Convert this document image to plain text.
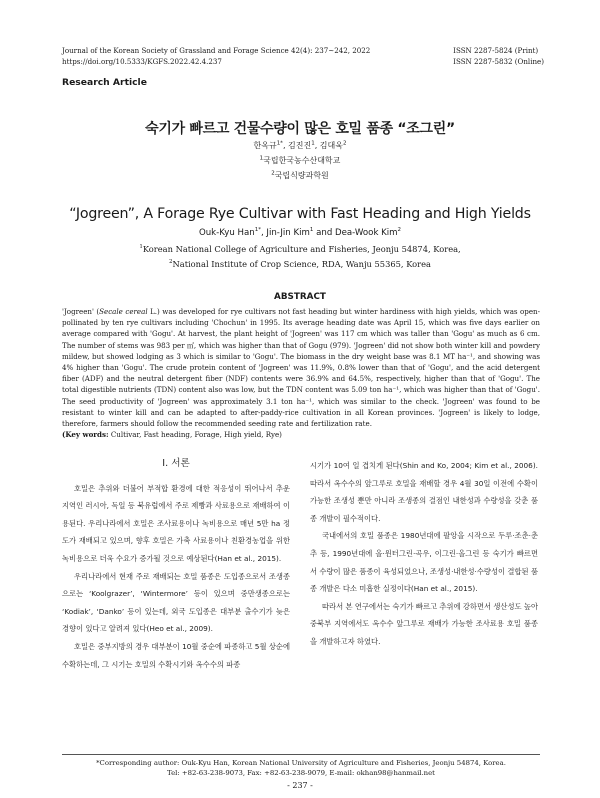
Journal of the Korean Society of Grassland and Forage Science 42(4): 237~242, 2022
https://doi.org/10.5333/KGFS.2022.42.4.237
ISSN 2287-5824 (Print)
ISSN 2287-5832 (Online)
Research Article
숙기가 빠르고 건물수량이 많은 호밀 품종 “조그린”
한옥규$^{1*}$, 김진진$^1$, 김대욱$^2$
$^1$국립한국농수산대학교
$^2$국립식량과학원
“Jogreen”, A Forage Rye Cultivar with Fast Heading and High Yields
Ouk-Kyu Han$^{1*}$, Jin-Jin Kim$^1$ and Dea-Wook Kim$^2$
$^1$Korean National College of Agriculture and Fisheries, Jeonju 54874, Korea,
$^2$National Institute of Crop Science, RDA, Wanju 55365, Korea
ABSTRACT
'Jogreen' (Secale cereal L.) was developed for rye cultivars not fast heading but winter hardiness with high yields, which was open-pollinated by ten rye cultivars including 'Chochun' in 1995. Its average heading date was April 15, which was five days earlier on average compared with 'Gogu'. At harvest, the plant height of 'Jogreen' was 117 cm which was taller than 'Gogu' as much as 6 cm. The number of stems was 983 per ㎡, which was higher than that of Gogu (979). 'Jogreen' did not show both winter kill and powdery mildew, but showed lodging as 3 which is similar to 'Gogu'. The biomass in the dry weight base was 8.1 MT ha⁻¹, and showing was 4% higher than 'Gogu'. The crude protein content of 'Jogreen' was 11.9%, 0.8% lower than that of 'Gogu', and the acid detergent fiber (ADF) and the neutral detergent fiber (NDF) contents were 36.9% and 64.5%, respectively, higher than that of 'Gogu'. The total digestible nutrients (TDN) content also was low, but the TDN content was 5.09 ton ha⁻¹, which was higher than that of 'Gogu'. The seed productivity of 'Jogreen' was approximately 3.1 ton ha⁻¹, which was similar to the check. 'Jogreen' was found to be resistant to winter kill and can be adapted to after-paddy-rice cultivation in all Korean provinces. 'Jogreen' is likely to lodge, therefore, farmers should follow the recommended seeding rate and fertilization rate.
(Key words: Cultivar, Fast heading, Forage, High yield, Rye)
Ⅰ. 서론

호밀은 추위와 더불어 부적합 환경에 대한 적응성이 뛰어나서 추운 지역인 러시아, 독일 등 북유럽에서 주로 제빵과 사료용으로 재배하여 이용된다. 우리나라에서 호밀은 조사료용이나 녹비용으로 매년 5만 ha 정도가 재배되고 있으며, 향후 호밀은 가축 사료용이나 친환경농업을 위한 녹비용으로 더욱 수요가 증가될 것으로 예상된다(Han et al., 2015).

우리나라에서 현재 주로 재배되는 호밀 품종은 도입종으로서 조생종으로는 ‘Koolgrazer’, ‘Wintermore’ 등이 있으며 중만생종으로는 ‘Kodiak’, ‘Danko’ 등이 있는데, 외국 도입종은 대부분 출수기가 늦은 경향이 있다고 알려져 있다(Heo et al., 2009).

호밀은 중부지방의 경우 대부분이 10월 중순에 파종하고 5월 상순에 수확하는데, 그 시기는 호밀의 수확시기와 옥수수의 파종

시기가 10여 일 겹치게 된다(Shin and Ko, 2004; Kim et al., 2006). 따라서 옥수수의 앞그루로 호밀을 재배할 경우 4월 30일 이전에 수확이 가능한 조생성 뿐만 아니라 조생종의 결점인 내한성과 수량성을 갖춘 품종 개발이 필수적이다.

국내에서의 호밀 품종은 1980년대에 팔앙을 시작으로 두루·조춘·춘추 등, 1990년대에 올·윈터그린·곡우, 이그린·올그린 등 숙기가 빠르면서 수량이 많은 품종이 육성되었으나, 조생성·내한성·수량성이 결합된 품종 개발은 다소 미흡한 실정이다(Han et al., 2015).

따라서 본 연구에서는 숙기가 빠르고 추위에 강하면서 생산성도 높아 중북부 지역에서도 옥수수 앞그루로 재배가 가능한 조사료용 호밀 품종을 개발하고자 하였다.

*Corresponding author: Ouk-Kyu Han, Korean National University of Agriculture and Fisheries, Jeonju 54874, Korea.
Tel: +82-63-238-9073, Fax: +82-63-238-9079, E-mail: okhan98@hanmail.net
- 237 -
